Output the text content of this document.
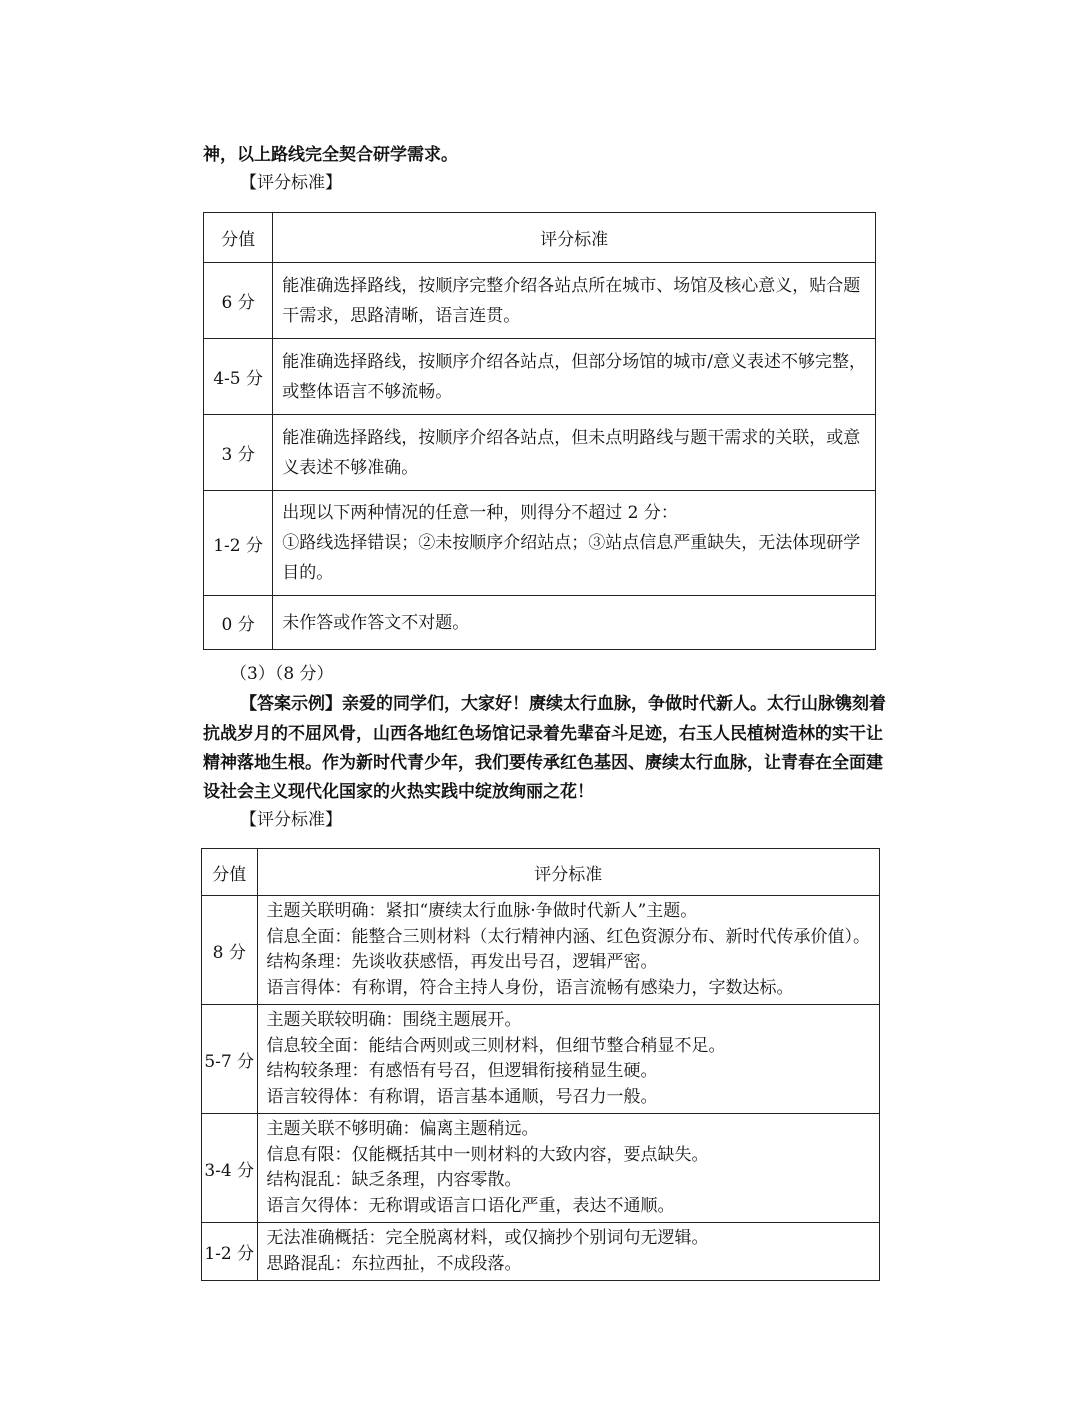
神，以上路线完全契合研学需求。
【评分标准】
分值	评分标准
6 分	能准确选择路线，按顺序完整介绍各站点所在城市、场馆及核心意义，贴合题
干需求，思路清晰，语言连贯。

4-5 分	能准确选择路线，按顺序介绍各站点，但部分场馆的城市/意义表述不够完整，
或整体语言不够流畅。

3 分	能准确选择路线，按顺序介绍各站点，但未点明路线与题干需求的关联，或意
义表述不够准确。

1-2 分	出现以下两种情况的任意一种，则得分不超过 2 分：
①路线选择错误；②未按顺序介绍站点；③站点信息严重缺失，无法体现研学
目的。

0 分	未作答或作答文不对题。
（3）（8 分）
【答案示例】亲爱的同学们，大家好！赓续太行血脉，争做时代新人。太行山脉镌刻着
抗战岁月的不屈风骨，山西各地红色场馆记录着先辈奋斗足迹，右玉人民植树造林的实干让
精神落地生根。作为新时代青少年，我们要传承红色基因、赓续太行血脉，让青春在全面建
设社会主义现代化国家的火热实践中绽放绚丽之花！
【评分标准】
分值	评分标准
8 分	主题关联明确：紧扣“赓续太行血脉·争做时代新人”主题。
信息全面：能整合三则材料（太行精神内涵、红色资源分布、新时代传承价值）。
结构条理：先谈收获感悟，再发出号召，逻辑严密。
语言得体：有称谓，符合主持人身份，语言流畅有感染力，字数达标。

5-7 分	主题关联较明确：围绕主题展开。
信息较全面：能结合两则或三则材料，但细节整合稍显不足。
结构较条理：有感悟有号召，但逻辑衔接稍显生硬。
语言较得体：有称谓，语言基本通顺，号召力一般。

3-4 分	主题关联不够明确：偏离主题稍远。
信息有限：仅能概括其中一则材料的大致内容，要点缺失。
结构混乱：缺乏条理，内容零散。
语言欠得体：无称谓或语言口语化严重，表达不通顺。

1-2 分	无法准确概括：完全脱离材料，或仅摘抄个别词句无逻辑。
思路混乱：东拉西扯，不成段落。
